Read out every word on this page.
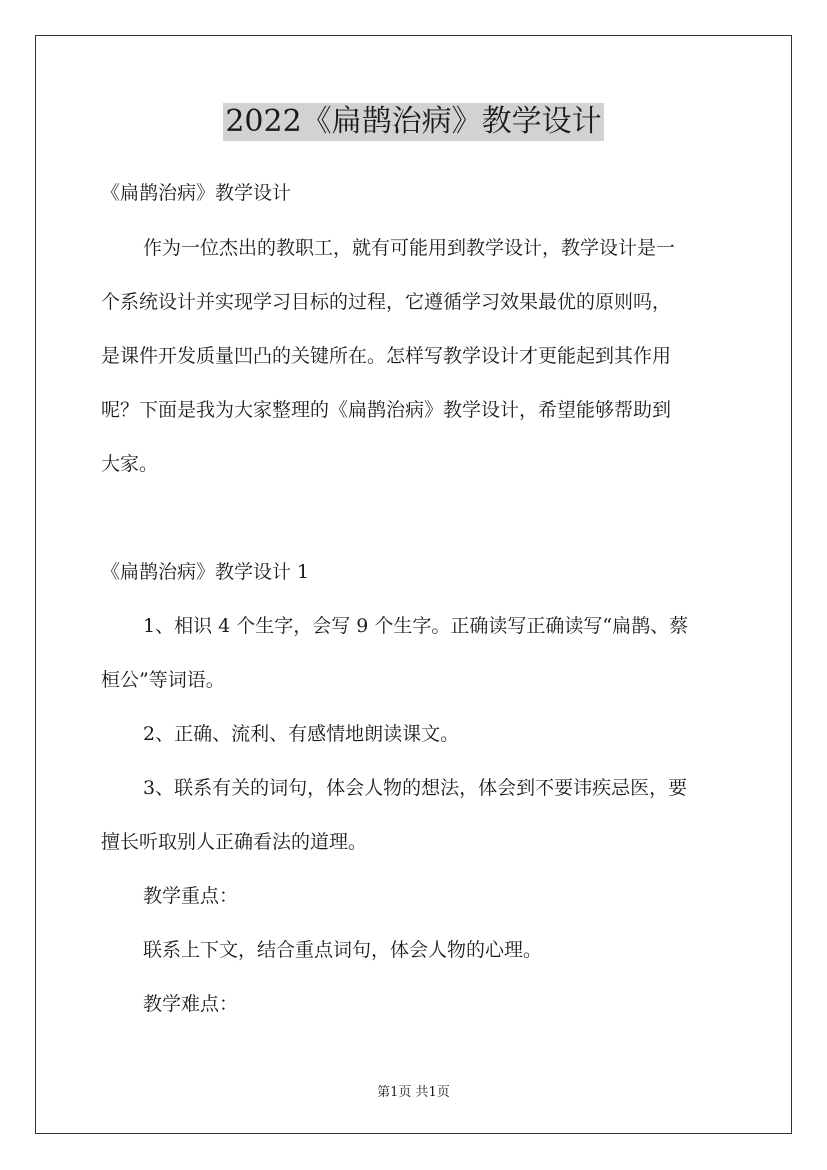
2022《扁鹊治病》教学设计
《扁鹊治病》教学设计
作为一位杰出的教职工，就有可能用到教学设计，教学设计是一
个系统设计并实现学习目标的过程，它遵循学习效果最优的原则吗，
是课件开发质量凹凸的关键所在。怎样写教学设计才更能起到其作用
呢？下面是我为大家整理的《扁鹊治病》教学设计，希望能够帮助到
大家。
《扁鹊治病》教学设计 1
1、相识 4 个生字，会写 9 个生字。正确读写正确读写“扁鹊、蔡
桓公”等词语。
2、正确、流利、有感情地朗读课文。
3、联系有关的词句，体会人物的想法，体会到不要讳疾忌医，要
擅长听取别人正确看法的道理。
教学重点：
联系上下文，结合重点词句，体会人物的心理。
教学难点：
第1页 共1页
